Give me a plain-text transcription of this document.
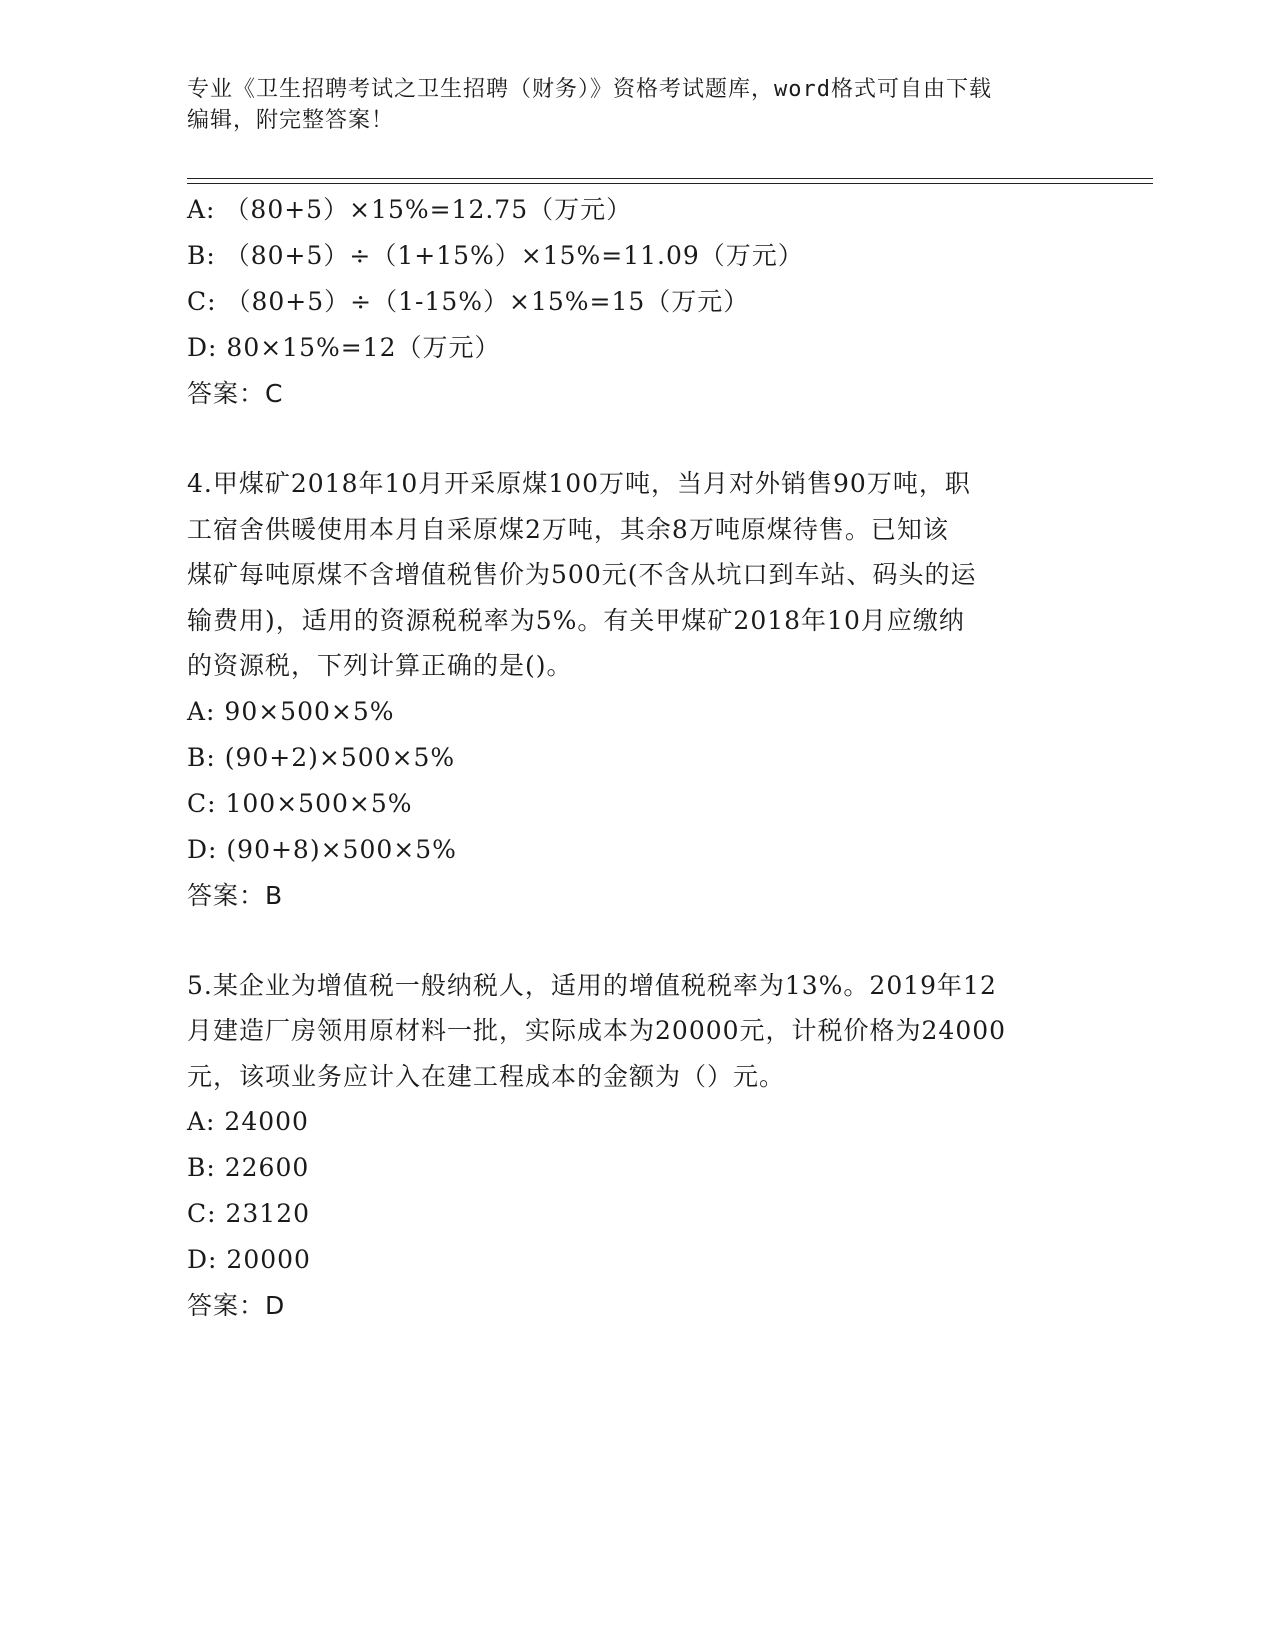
专业《卫生招聘考试之卫生招聘（财务）》资格考试题库，word格式可自由下载
编辑，附完整答案！
A: （80+5）×15%=12.75（万元）
B: （80+5）÷（1+15%）×15%=11.09（万元）
C: （80+5）÷（1-15%）×15%=15（万元）
D: 80×15%=12（万元）
答案：C
4.甲煤矿2018年10月开采原煤100万吨，当月对外销售90万吨，职
工宿舍供暖使用本月自采原煤2万吨，其余8万吨原煤待售。已知该
煤矿每吨原煤不含增值税售价为500元(不含从坑口到车站、码头的运
输费用)，适用的资源税税率为5%。有关甲煤矿2018年10月应缴纳
的资源税，下列计算正确的是()。
A: 90×500×5%
B: (90+2)×500×5%
C: 100×500×5%
D: (90+8)×500×5%
答案：B
5.某企业为增值税一般纳税人，适用的增值税税率为13%。2019年12
月建造厂房领用原材料一批，实际成本为20000元，计税价格为24000
元，该项业务应计入在建工程成本的金额为（）元。
A: 24000
B: 22600
C: 23120
D: 20000
答案：D
